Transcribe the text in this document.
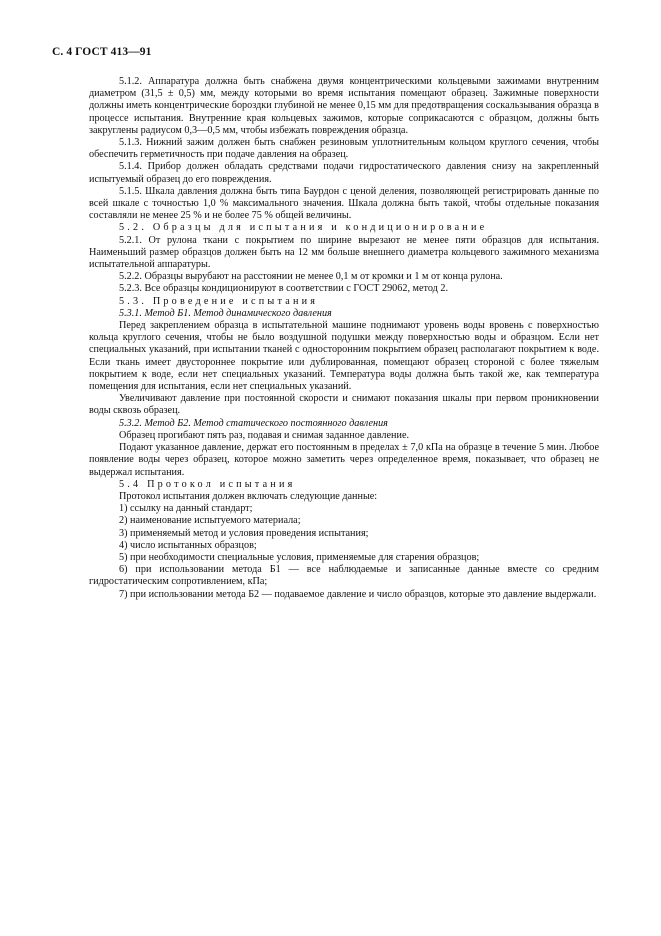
С. 4 ГОСТ 413—91

5.1.2. Аппаратура должна быть снабжена двумя концентрическими кольцевыми зажимами внутренним диаметром (31,5 ± 0,5) мм, между которыми во время испытания помещают образец. Зажимные поверхности должны иметь концентрические бороздки глубиной не менее 0,15 мм для предотвращения соскальзывания образца в процессе испытания. Внутренние края кольцевых зажимов, которые соприкасаются с образцом, должны быть закруглены радиусом 0,3—0,5 мм, чтобы избежать повреждения образца.

5.1.3. Нижний зажим должен быть снабжен резиновым уплотнительным кольцом круглого сечения, чтобы обеспечить герметичность при подаче давления на образец.

5.1.4. Прибор должен обладать средствами подачи гидростатического давления снизу на закрепленный испытуемый образец до его повреждения.

5.1.5. Шкала давления должна быть типа Баурдон с ценой деления, позволяющей регистрировать данные по всей шкале с точностью 1,0 % максимального значения. Шкала должна быть такой, чтобы отдельные показания составляли не менее 25 % и не более 75 % общей величины.

5.2. Образцы для испытания и кондиционирование

5.2.1. От рулона ткани с покрытием по ширине вырезают не менее пяти образцов для испытания. Наименьший размер образцов должен быть на 12 мм больше внешнего диаметра кольцевого зажимного механизма испытательной аппаратуры.

5.2.2. Образцы вырубают на расстоянии не менее 0,1 м от кромки и 1 м от конца рулона.

5.2.3. Все образцы кондиционируют в соответствии с ГОСТ 29062, метод 2.

5.3. Проведение испытания

5.3.1. Метод Б1. Метод динамического давления

Перед закреплением образца в испытательной машине поднимают уровень воды вровень с поверхностью кольца круглого сечения, чтобы не было воздушной подушки между поверхностью воды и образцом. Если нет специальных указаний, при испытании тканей с односторонним покрытием образец располагают покрытием к воде. Если ткань имеет двустороннее покрытие или дублированная, помещают образец стороной с более тяжелым покрытием к воде, если нет специальных указаний. Температура воды должна быть такой же, как температура помещения для испытания, если нет специальных указаний.

Увеличивают давление при постоянной скорости и снимают показания шкалы при первом проникновении воды сквозь образец.

5.3.2. Метод Б2. Метод статического постоянного давления

Образец прогибают пять раз, подавая и снимая заданное давление.

Подают указанное давление, держат его постоянным в пределах ± 7,0 кПа на образце в течение 5 мин. Любое появление воды через образец, которое можно заметить через определенное время, показывает, что образец не выдержал испытания.

5.4 Протокол испытания

Протокол испытания должен включать следующие данные:

1) ссылку на данный стандарт;

2) наименование испытуемого материала;

3) применяемый метод и условия проведения испытания;

4) число испытанных образцов;

5) при необходимости специальные условия, применяемые для старения образцов;

6) при использовании метода Б1 — все наблюдаемые и записанные данные вместе со средним гидростатическим сопротивлением, кПа;

7) при использовании метода Б2 — подаваемое давление и число образцов, которые это давление выдержали.
